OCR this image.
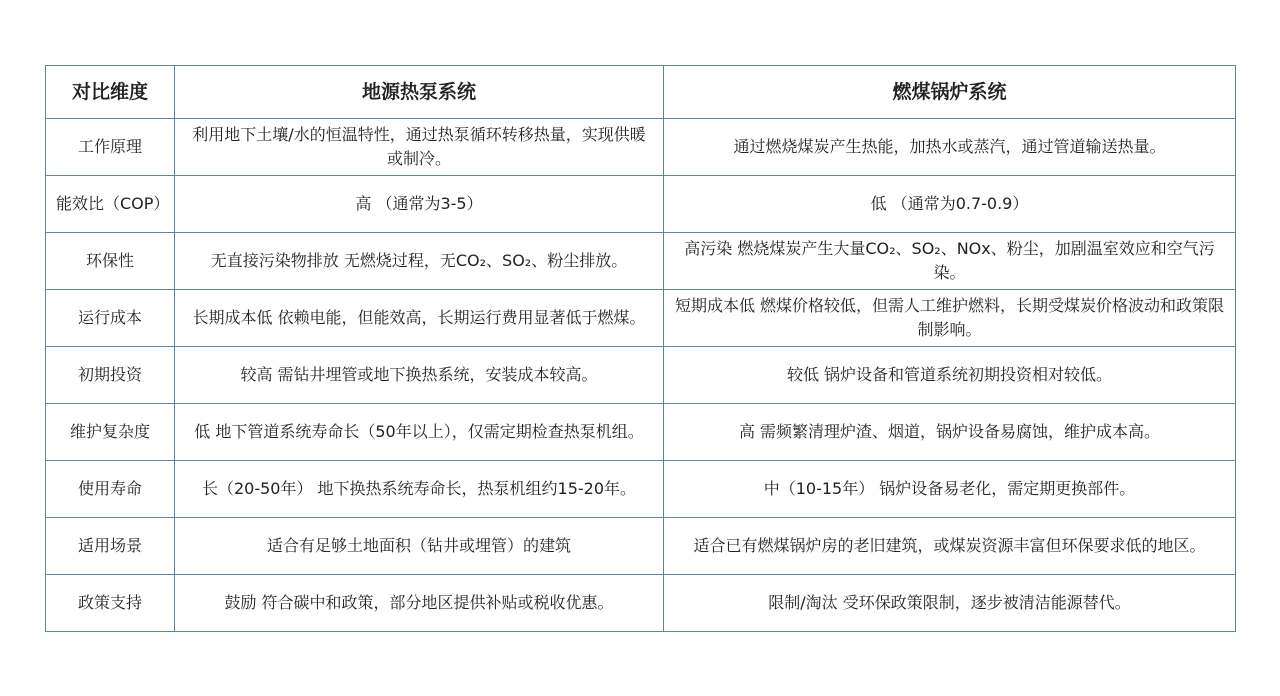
对比维度	地源热泵系统	燃煤锅炉系统
工作原理	利用地下土壤/水的恒温特性，通过热泵循环转移热量，实现供暖或制冷。	通过燃烧煤炭产生热能，加热水或蒸汽，通过管道输送热量。
能效比（COP）	高 （通常为3-5）	低 （通常为0.7-0.9）
环保性	无直接污染物排放 无燃烧过程，无CO₂、SO₂、粉尘排放。	高污染 燃烧煤炭产生大量CO₂、SO₂、NOx、粉尘，加剧温室效应和空气污染。
运行成本	长期成本低 依赖电能，但能效高，长期运行费用显著低于燃煤。	短期成本低 燃煤价格较低，但需人工维护燃料，长期受煤炭价格波动和政策限制影响。
初期投资	较高 需钻井埋管或地下换热系统，安装成本较高。	较低 锅炉设备和管道系统初期投资相对较低。
维护复杂度	低 地下管道系统寿命长（50年以上），仅需定期检查热泵机组。	高 需频繁清理炉渣、烟道，锅炉设备易腐蚀，维护成本高。
使用寿命	长（20-50年） 地下换热系统寿命长，热泵机组约15-20年。	中（10-15年） 锅炉设备易老化，需定期更换部件。
适用场景	适合有足够土地面积（钻井或埋管）的建筑	适合已有燃煤锅炉房的老旧建筑，或煤炭资源丰富但环保要求低的地区。
政策支持	鼓励 符合碳中和政策，部分地区提供补贴或税收优惠。	限制/淘汰 受环保政策限制，逐步被清洁能源替代。
